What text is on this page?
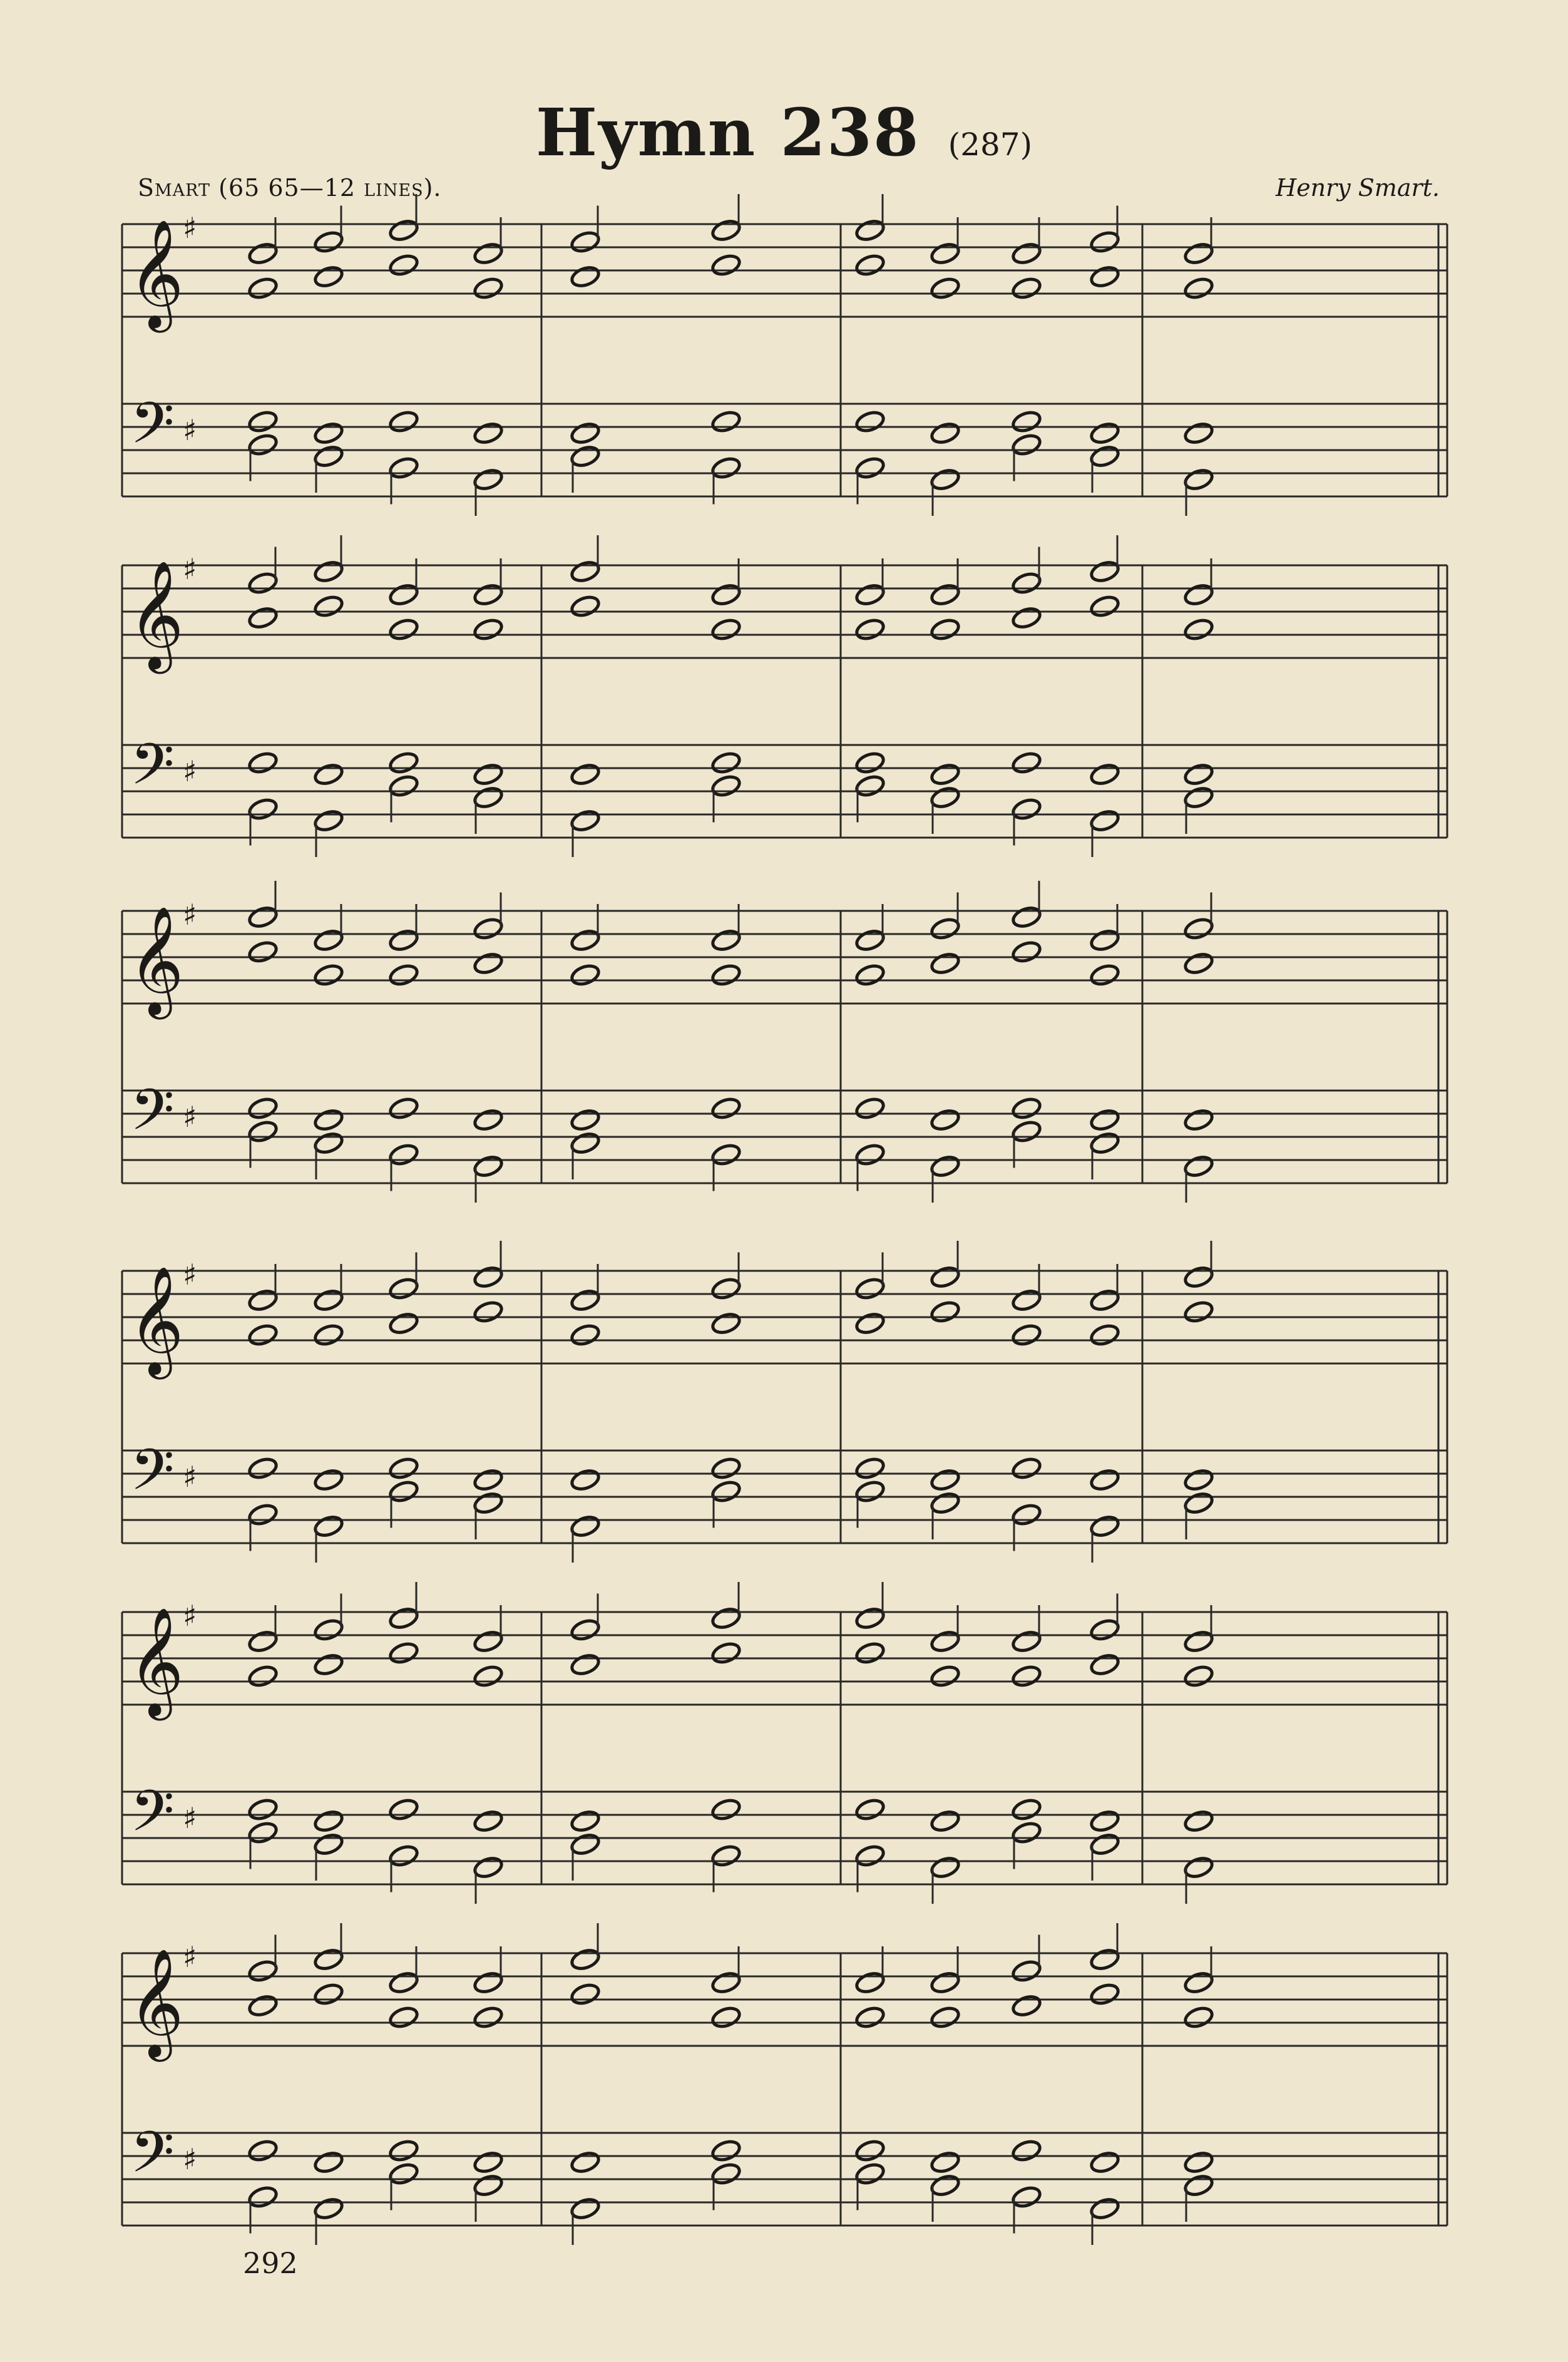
Hymn 238 (287)
Smart (65 65—12 lines).	Henry Smart.
𝄞
𝄢
♯
♯
𝄞
𝄢
♯
♯
𝄞
𝄢
♯
♯
𝄞
𝄢
♯
♯
𝄞
𝄢
♯
♯
𝄞
𝄢
♯
♯
292
